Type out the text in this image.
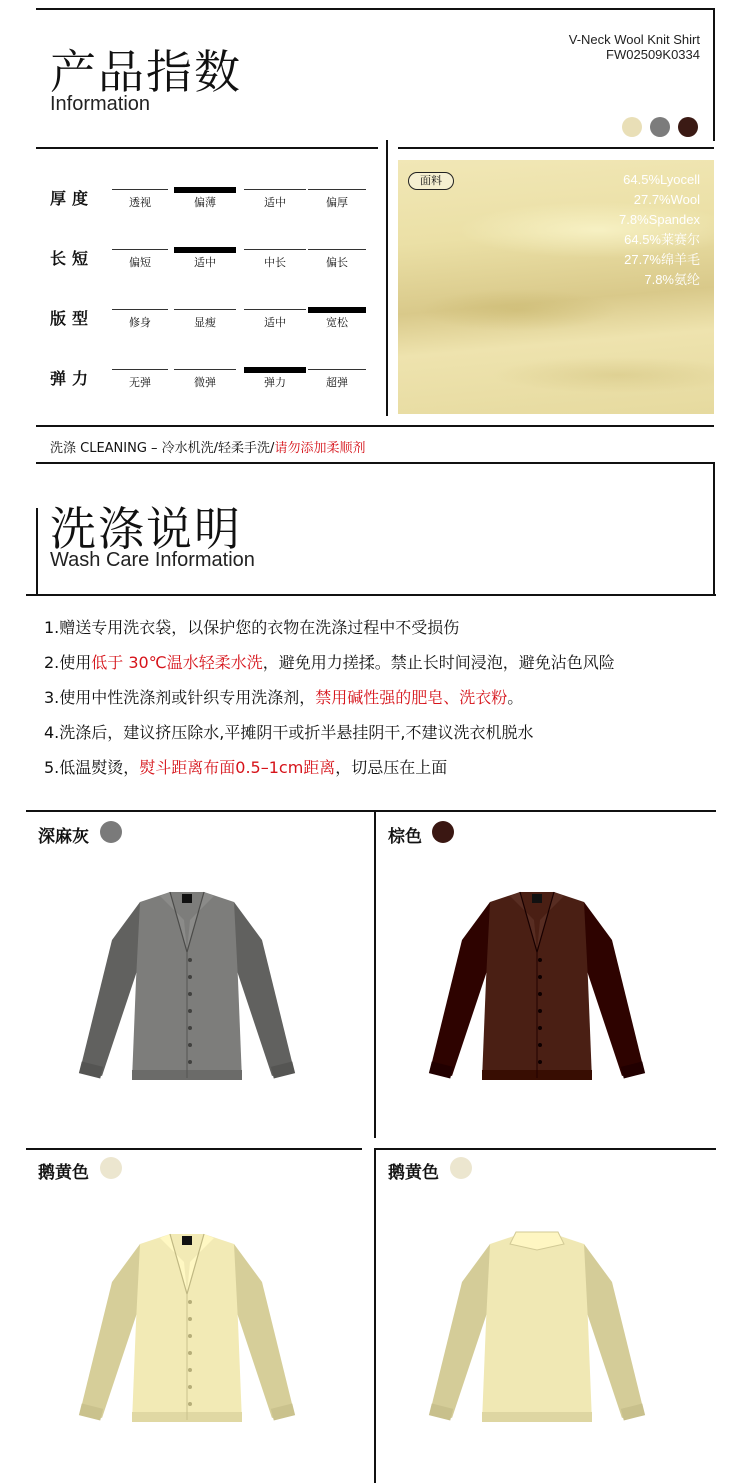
产品指数
Information
V-Neck Wool Knit Shirt
FW02509K0334
厚度	透视	偏薄	适中	偏厚
长短	偏短	适中	中长	偏长
版型	修身	显瘦	适中	宽松
弹力	无弹	微弹	弹力	超弹
面料	64.5%Lyocell
27.7%Wool
7.8%Spandex
64.5%莱赛尔
27.7%绵羊毛
7.8%氨纶
洗涤 CLEANING – 冷水机洗/轻柔手洗/请勿添加柔顺剂
洗涤说明
Wash Care Information
1.赠送专用洗衣袋，以保护您的衣物在洗涤过程中不受损伤
2.使用低于 30℃温水轻柔水洗，避免用力搓揉。禁止长时间浸泡，避免沾色风险
3.使用中性洗涤剂或针织专用洗涤剂，禁用碱性强的肥皂、洗衣粉。
4.洗涤后，建议挤压除水,平摊阴干或折半悬挂阴干,不建议洗衣机脱水
5.低温熨烫，熨斗距离布面0.5–1cm距离，切忌压在上面
深麻灰	棕色
鹅黄色	鹅黄色
